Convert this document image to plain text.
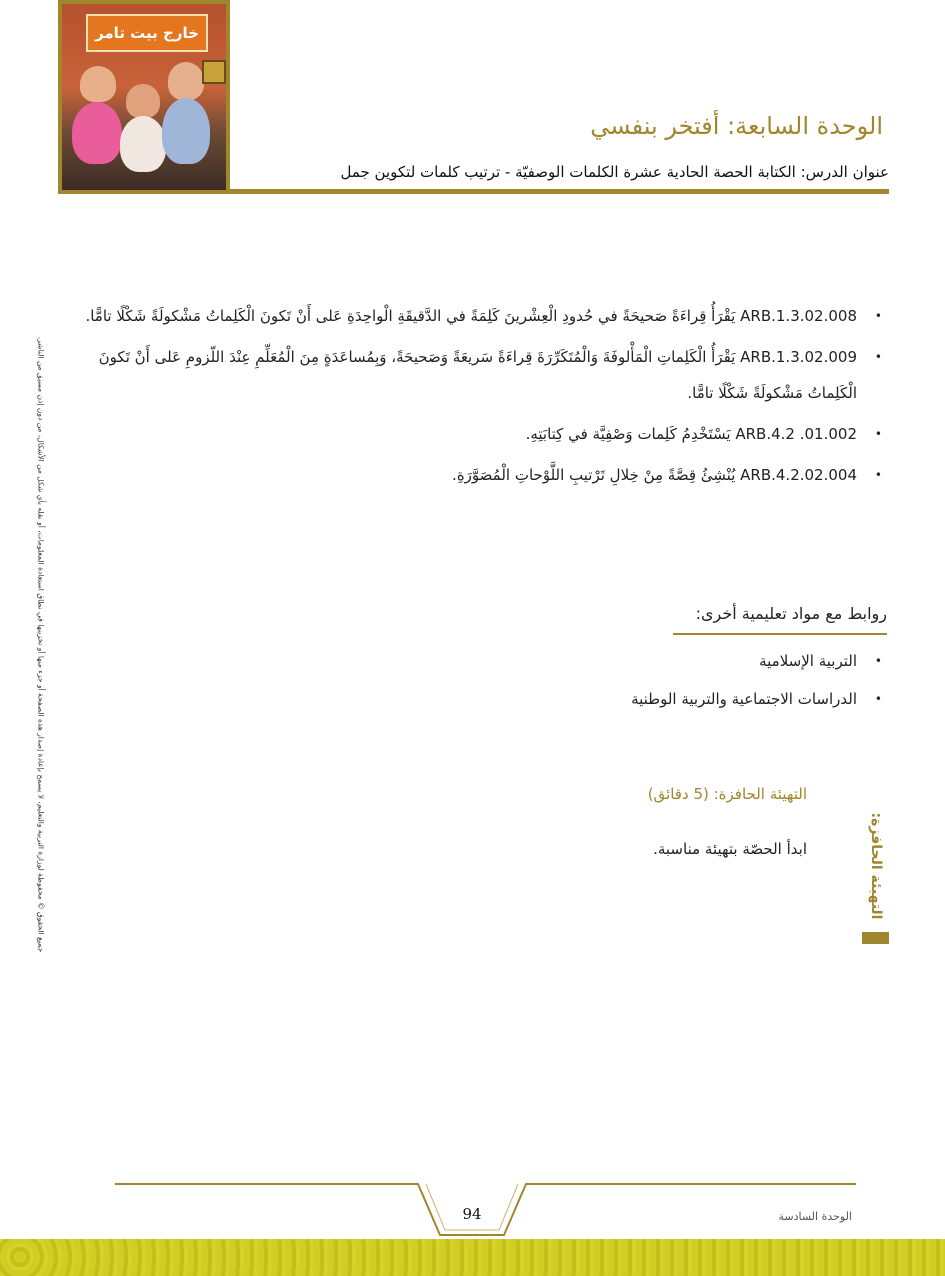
خارج بيت تامر
الوحدة السابعة: أفتخر بنفسي
عنوان الدرس: الكتابة الحصة الحادية عشرة الكلمات الوصفيّة - ترتيب كلمات لتكوين جمل
جميع الحقوق © محفوظة لوزارة التربية والتعليم، لا يسمح بإعادة إصدار هذه الصفحة أو جزء منها أو تخزينها في نطاق استعادة المعلومات، أو نقله بأي شكل من الأشكال، من دون إذن مسبق من الناشر.
• ARB.1.3.02.008 يَقْرَأُ قِراءَةً صَحيحَةً في حُدودِ الْعِشْرينَ كَلِمَةً في الدَّقيقَةِ الْواحِدَةِ عَلى أَنْ تَكونَ الْكَلِماتُ مَشْكولَةً شَكْلًا تامًّا.
• ARB.1.3.02.009 يَقْرَأُ الْكَلِماتِ الْمَأْلوفَةَ وَالْمُتَكَرِّرَةَ قِراءَةً سَريعَةً وَصَحيحَةً، وَبِمُساعَدَةٍ مِنَ الْمُعَلِّمِ عِنْدَ اللّزومِ عَلى أَنْ تَكونَ الْكَلِماتُ مَشْكولَةً شَكْلًا تامًّا.
• ARB.4.2 .01.002 يَسْتَخْدِمُ كَلِمات وَصْفِيَّة في كِتابَتِهِ.
• ARB.4.2.02.004 يُنْشِئُ قِصَّةً مِنْ خِلالِ تَرْتيبِ اللَّوْحاتِ الْمُصَوَّرَةِ.
روابط مع مواد تعليمية أخرى:
• التربية الإسلامية
• الدراسات الاجتماعية والتربية الوطنية
التهيئة الحافزة: (5 دقائق)
ابدأ الحصّة بتهيئة مناسبة.	التهيئة الحافزة:
94	الوحدة السادسة
